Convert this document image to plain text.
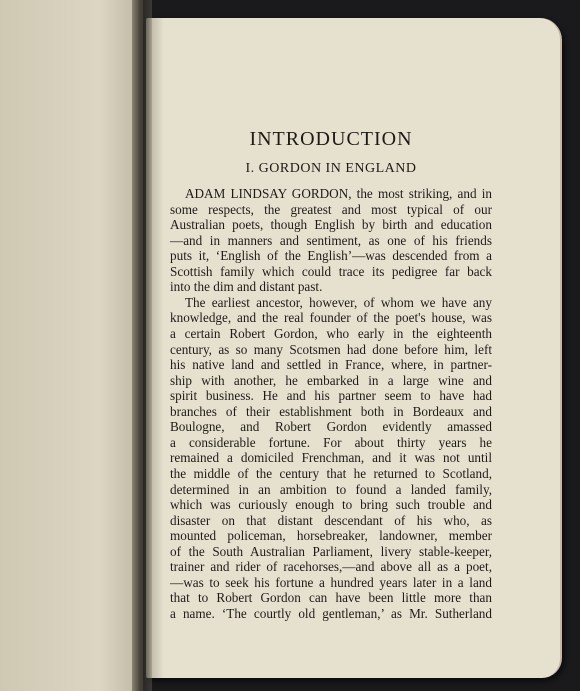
INTRODUCTION
I. GORDON IN ENGLAND
ADAM LINDSAY GORDON, the most striking, and in
some respects, the greatest and most typical of our
Australian poets, though English by birth and education
—and in manners and sentiment, as one of his friends
puts it, ‘English of the English’—was descended from a
Scottish family which could trace its pedigree far back
into the dim and distant past.
The earliest ancestor, however, of whom we have any
knowledge, and the real founder of the poet's house, was
a certain Robert Gordon, who early in the eighteenth
century, as so many Scotsmen had done before him, left
his native land and settled in France, where, in partner-
ship with another, he embarked in a large wine and
spirit business. He and his partner seem to have had
branches of their establishment both in Bordeaux and
Boulogne, and Robert Gordon evidently amassed
a considerable fortune. For about thirty years he
remained a domiciled Frenchman, and it was not until
the middle of the century that he returned to Scotland,
determined in an ambition to found a landed family,
which was curiously enough to bring such trouble and
disaster on that distant descendant of his who, as
mounted policeman, horsebreaker, landowner, member
of the South Australian Parliament, livery stable-keeper,
trainer and rider of racehorses,—and above all as a poet,
—was to seek his fortune a hundred years later in a land
that to Robert Gordon can have been little more than
a name. ‘The courtly old gentleman,’ as Mr. Sutherland
